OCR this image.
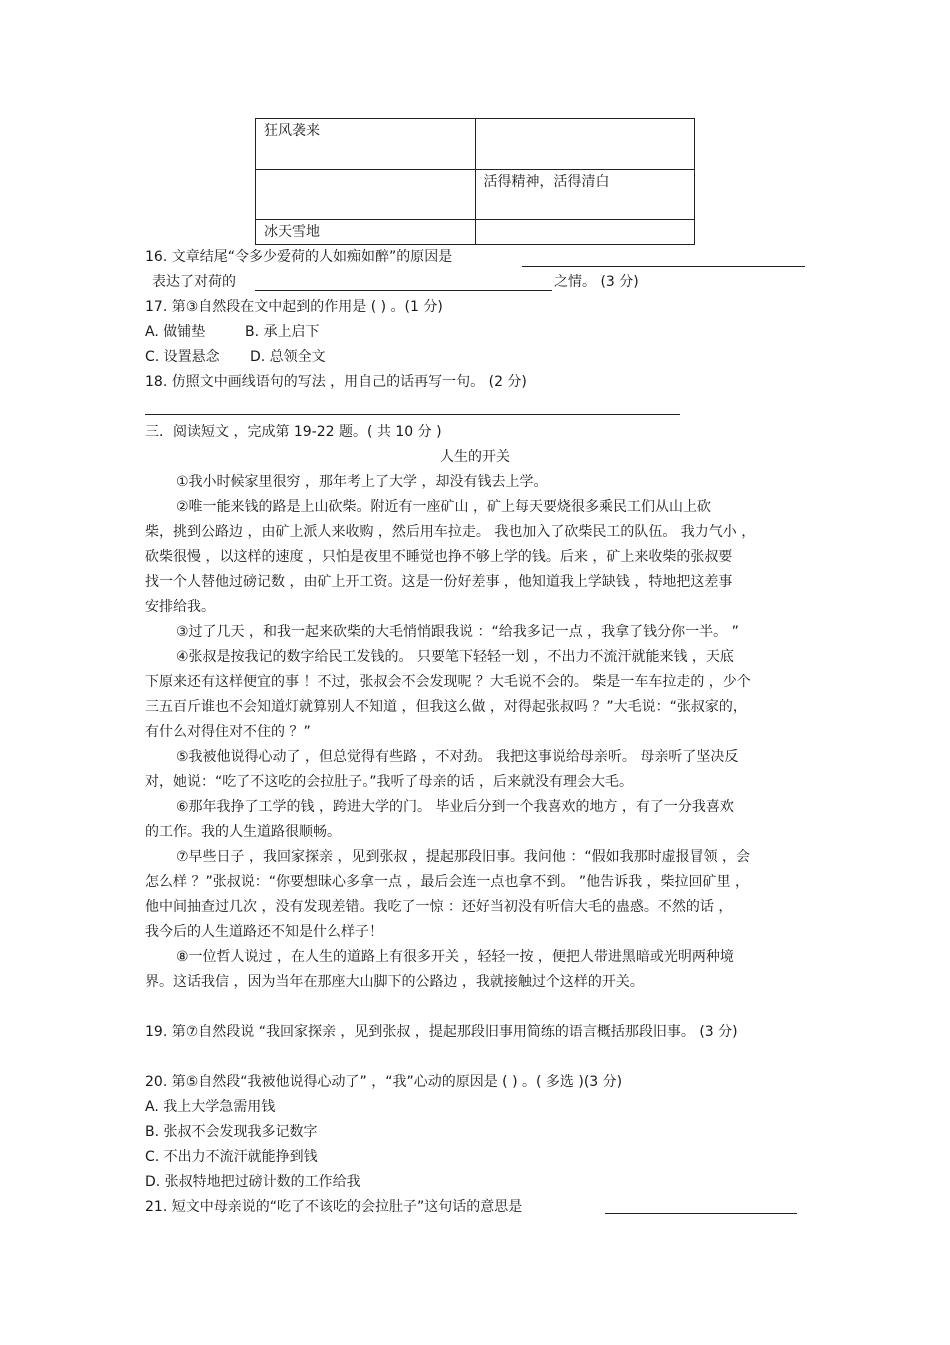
狂风袭来	

	活得精神，活得清白

冰天雪地	

16. 文章结尾“令多少爱荷的人如痴如醉”的原因是
表达了对荷的	之情。 (3 分)
17. 第③自然段在文中起到的作用是 ( ) 。(1 分)
A. 做铺垫	B. 承上启下
C. 设置悬念 D. 总领全文
18. 仿照文中画线语句的写法 ，用自己的话再写一句。 (2 分)
三．阅读短文 ，完成第 19-22 题。( 共 10 分 )
人生的开关
①我小时候家里很穷 ，那年考上了大学 ，却没有钱去上学。
②唯一能来钱的路是上山砍柴。附近有一座矿山 ，矿上每天要烧很多乘民工们从山上砍
柴，挑到公路边 ，由矿上派人来收购 ，然后用车拉走。 我也加入了砍柴民工的队伍。 我力气小 ，
砍柴很慢 ，以这样的速度 ，只怕是夜里不睡觉也挣不够上学的钱。后来 ，矿上来收柴的张叔要
找一个人替他过磅记数 ，由矿上开工资。这是一份好差事 ，他知道我上学缺钱 ，特地把这差事
安排给我。
③过了几天 ，和我一起来砍柴的大毛悄悄跟我说 ：“给我多记一点 ，我拿了钱分你一半。 ”
④张叔是按我记的数字给民工发钱的。 只要笔下轻轻一划 ，不出力不流汗就能来钱 ，天底
下原来还有这样便宜的事 ！不过，张叔会不会发现呢 ？大毛说不会的。 柴是一车车拉走的 ，少个
三五百斤谁也不会知道灯就算别人不知道 ，但我这么做 ，对得起张叔吗 ？”大毛说：“张叔家的，
有什么对得住对不住的 ？”
⑤我被他说得心动了 ，但总觉得有些路 ，不对劲。 我把这事说给母亲听。 母亲听了坚决反
对，她说：“吃了不这吃的会拉肚子。”我听了母亲的话 ，后来就没有理会大毛。
⑥那年我挣了工学的钱 ，跨进大学的门。 毕业后分到一个我喜欢的地方 ，有了一分我喜欢
的工作。我的人生道路很顺畅。
⑦早些日子 ，我回家探亲 ，见到张叔 ，提起那段旧事。我问他 ：“假如我那时虚报冒领 ，会
怎么样 ？”张叔说：“你要想昧心多拿一点 ，最后会连一点也拿不到。 ”他告诉我 ，柴拉回矿里 ，
他中间抽查过几次 ，没有发现差错。我吃了一惊 ：还好当初没有听信大毛的蛊惑。不然的话 ，
我今后的人生道路还不知是什么样子！
⑧一位哲人说过 ，在人生的道路上有很多开关 ，轻轻一按 ，便把人带进黑暗或光明两种境
界。这话我信 ，因为当年在那座大山脚下的公路边 ，我就接触过个这样的开关。
19. 第⑦自然段说 “我回家探亲 ，见到张叔 ，提起那段旧事用简练的语言概括那段旧事。 (3 分)
20. 第⑤自然段“我被他说得心动了” ，“我”心动的原因是 ( ) 。( 多选 )(3 分)
A. 我上大学急需用钱
B. 张叔不会发现我多记数字
C. 不出力不流汗就能挣到钱
D. 张叔特地把过磅计数的工作给我
21. 短文中母亲说的“吃了不该吃的会拉肚子”这句话的意思是
